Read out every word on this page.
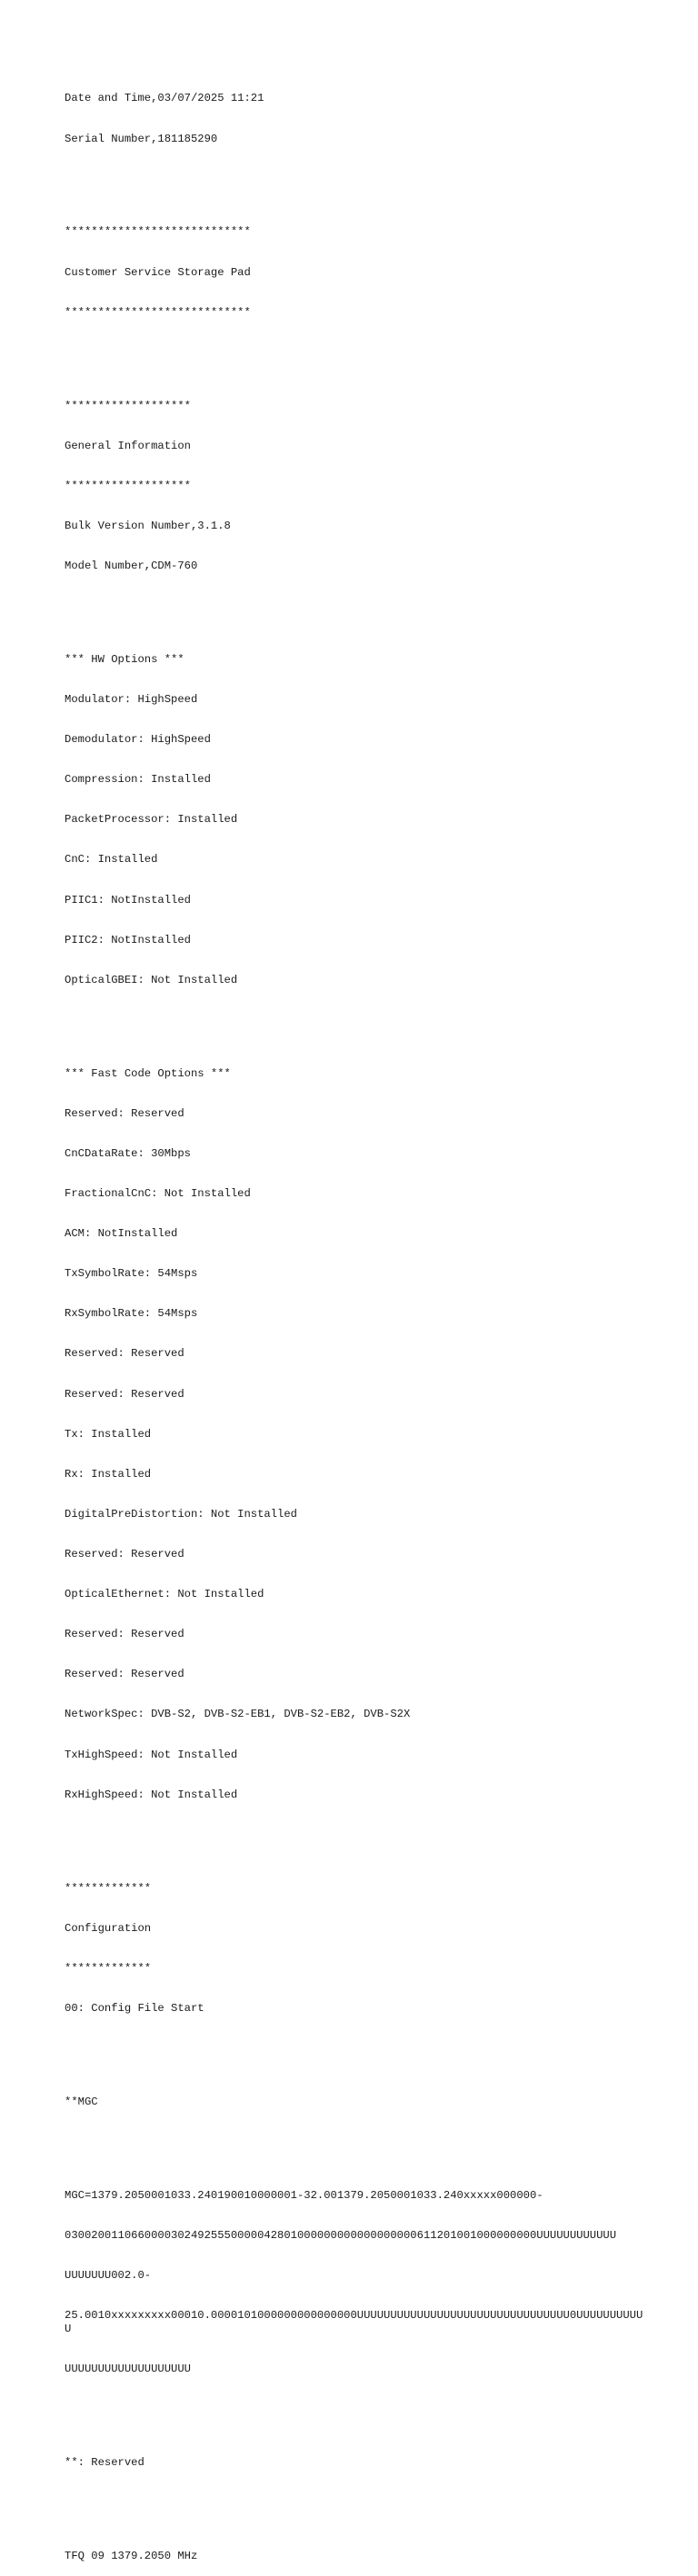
Date and Time,03/07/2025 11:21

Serial Number,181185290

****************************

Customer Service Storage Pad

****************************

*******************

General Information

*******************

Bulk Version Number,3.1.8

Model Number,CDM-760

*** HW Options ***

Modulator: HighSpeed

Demodulator: HighSpeed

Compression: Installed

PacketProcessor: Installed

CnC: Installed

PIIC1: NotInstalled

PIIC2: NotInstalled

OpticalGBEI: Not Installed

*** Fast Code Options ***

Reserved: Reserved

CnCDataRate: 30Mbps

FractionalCnC: Not Installed

ACM: NotInstalled

TxSymbolRate: 54Msps

RxSymbolRate: 54Msps

Reserved: Reserved

Reserved: Reserved

Tx: Installed

Rx: Installed

DigitalPreDistortion: Not Installed

Reserved: Reserved

OpticalEthernet: Not Installed

Reserved: Reserved

Reserved: Reserved

NetworkSpec: DVB-S2, DVB-S2-EB1, DVB-S2-EB2, DVB-S2X

TxHighSpeed: Not Installed

RxHighSpeed: Not Installed

*************

Configuration

*************

00: Config File Start

**MGC

MGC=1379.2050001033.240190010000001-32.001379.2050001033.240xxxxx000000-

03002001106600003024925550000042801000000000000000000611201001000000000UUUUUUUUUUUU

UUUUUUU002.0-

25.0010xxxxxxxxx00010.0000101000000000000000UUUUUUUUUUUUUUUUUUUUUUUUUUUUUUUU0UUUUUUUUUUU

UUUUUUUUUUUUUUUUUUU

**: Reserved

TFQ 09 1379.2050 MHz
